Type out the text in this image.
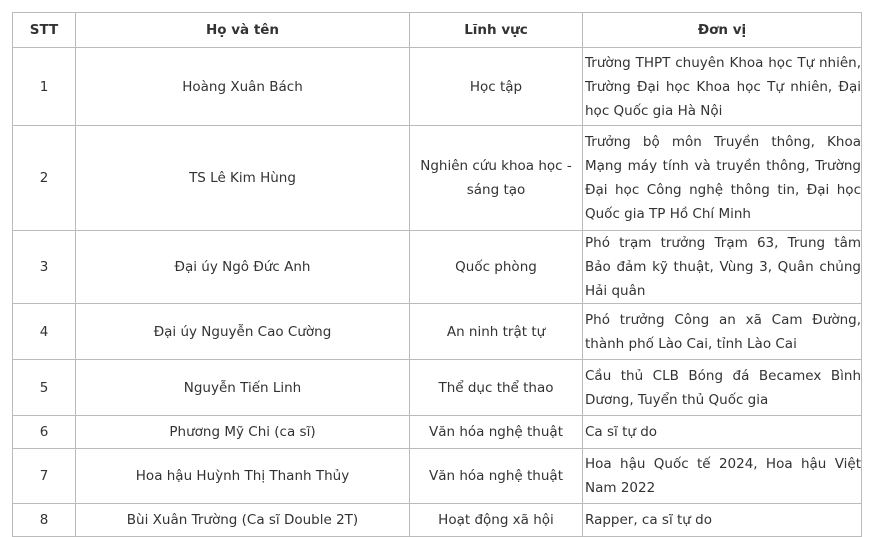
STT	Họ và tên	Lĩnh vực	Đơn vị
1	Hoàng Xuân Bách	Học tập	Trường THPT chuyên Khoa học Tự nhiên, Trường Đại học Khoa học Tự nhiên, Đại học Quốc gia Hà Nội
2	TS Lê Kim Hùng	Nghiên cứu khoa học - sáng tạo	Trưởng bộ môn Truyền thông, Khoa Mạng máy tính và truyền thông, Trường Đại học Công nghệ thông tin, Đại học Quốc gia TP Hồ Chí Minh
3	Đại úy Ngô Đức Anh	Quốc phòng	Phó trạm trưởng Trạm 63, Trung tâm Bảo đảm kỹ thuật, Vùng 3, Quân chủng Hải quân
4	Đại úy Nguyễn Cao Cường	An ninh trật tự	Phó trưởng Công an xã Cam Đường, thành phố Lào Cai, tỉnh Lào Cai
5	Nguyễn Tiến Linh	Thể dục thể thao	Cầu thủ CLB Bóng đá Becamex Bình Dương, Tuyển thủ Quốc gia
6	Phương Mỹ Chi (ca sĩ)	Văn hóa nghệ thuật	Ca sĩ tự do
7	Hoa hậu Huỳnh Thị Thanh Thủy	Văn hóa nghệ thuật	Hoa hậu Quốc tế 2024, Hoa hậu Việt Nam 2022
8	Bùi Xuân Trường (Ca sĩ Double 2T)	Hoạt động xã hội	Rapper, ca sĩ tự do
